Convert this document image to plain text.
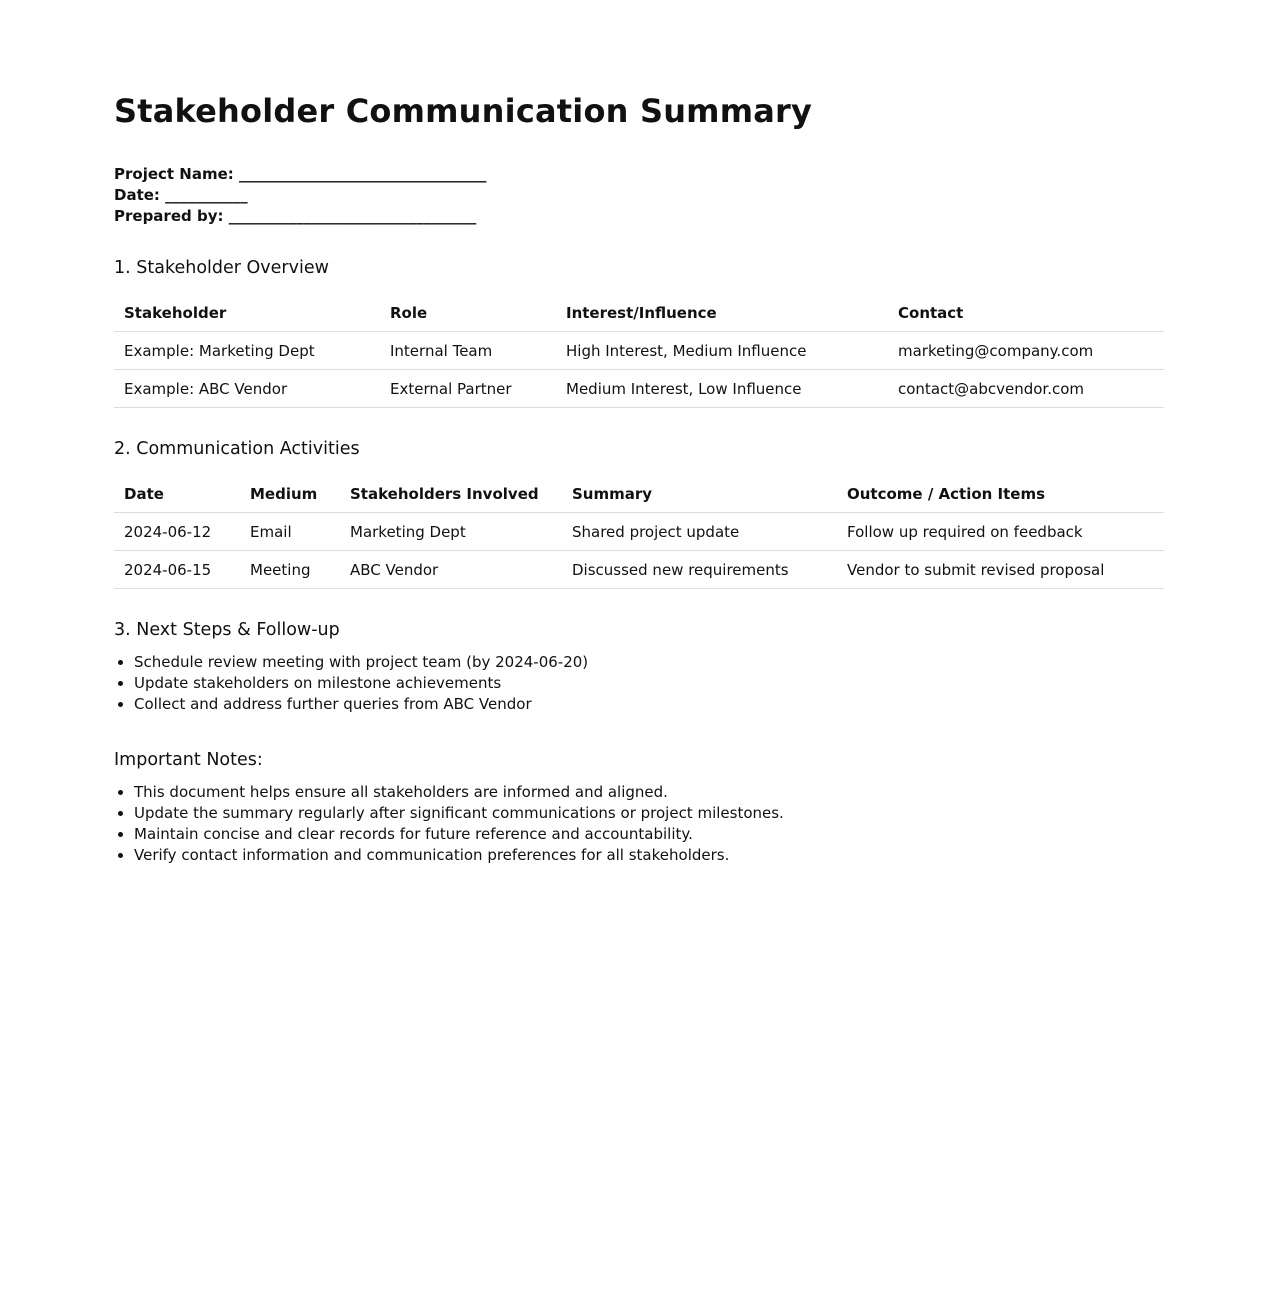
Stakeholder Communication Summary
Project Name: _________________________________
Date: ___________
Prepared by: _________________________________
1. Stakeholder Overview
Stakeholder	Role	Interest/Influence	Contact
Example: Marketing Dept	Internal Team	High Interest, Medium Influence	marketing@company.com
Example: ABC Vendor	External Partner	Medium Interest, Low Influence	contact@abcvendor.com
2. Communication Activities
Date	Medium	Stakeholders Involved	Summary	Outcome / Action Items
2024-06-12	Email	Marketing Dept	Shared project update	Follow up required on feedback
2024-06-15	Meeting	ABC Vendor	Discussed new requirements	Vendor to submit revised proposal
3. Next Steps & Follow-up
• Schedule review meeting with project team (by 2024-06-20)
• Update stakeholders on milestone achievements
• Collect and address further queries from ABC Vendor
Important Notes:
• This document helps ensure all stakeholders are informed and aligned.
• Update the summary regularly after significant communications or project milestones.
• Maintain concise and clear records for future reference and accountability.
• Verify contact information and communication preferences for all stakeholders.
